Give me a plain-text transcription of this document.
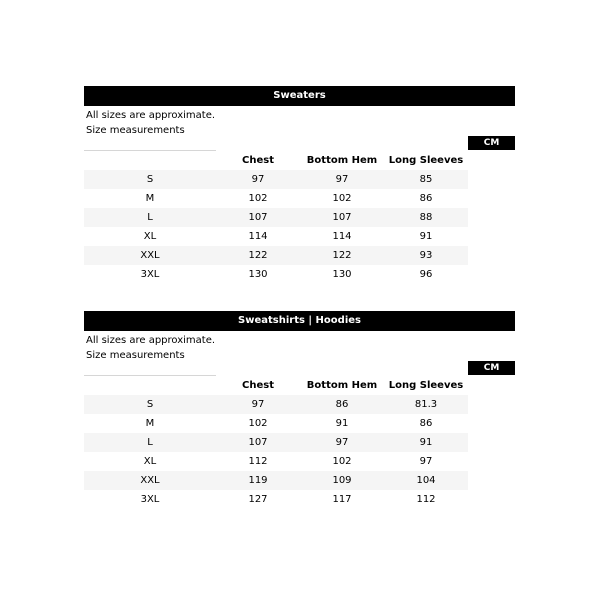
Sweaters
All sizes are approximate.
Size measurements
CM
	Chest	Bottom Hem	Long Sleeves
S	97	97	85
M	102	102	86
L	107	107	88
XL	114	114	91
XXL	122	122	93
3XL	130	130	96
Sweatshirts | Hoodies
All sizes are approximate.
Size measurements
CM
	Chest	Bottom Hem	Long Sleeves
S	97	86	81.3
M	102	91	86
L	107	97	91
XL	112	102	97
XXL	119	109	104
3XL	127	117	112
